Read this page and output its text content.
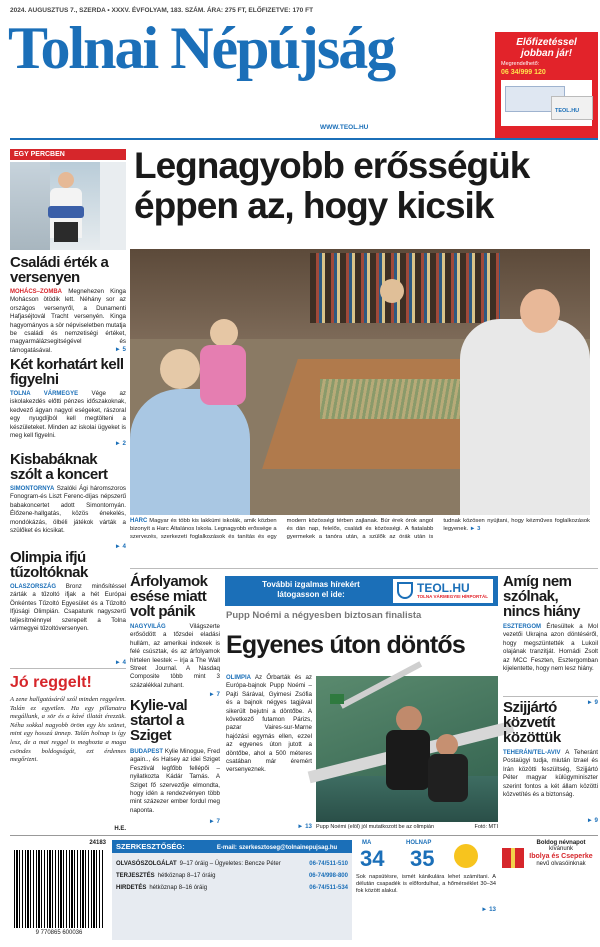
2024. AUGUSZTUS 7., SZERDA • XXXV. ÉVFOLYAM, 183. SZÁM. ÁRA: 275 FT, ELŐFIZETVE: 170 FT
Tolnai Népújság
WWW.TEOL.HU
Előfizetéssel
jobban jár!
Megrendelhető:
06 34/999 120
TEOL.HU
EGY PERCBEN
Családi érték a versenyen
MOHÁCS–ZOMBA Megnehezen Kinga Mohácson ötödik lett. Néhány sor az országos versenyről, a Dunamenti Hafjaséjtovál Tracht versenyén. Kinga hagyományos a sör népviseletben mutatja be családi és nemzetiségi értéket, magyarmálázsegitségével és támogatásával.	► 5
Két korhatárt kell figyelni
TOLNA VÁRMEGYE Vége az iskolakezdés előtti pénzes időszakoknak, kedvező ágyan nagyol eségeket, rászoral egy nyugdíjból kell megtölteni a készületeket. Minden az iskolai ügyeket is meg kell figyelni.
► 2
Kisbabáknak szólt a koncert
SIMONTORNYA Szalóki Ági háromszoros Fonogram-és Liszt Ferenc-díjas népszerű babakoncertet adott Simontornyán. Élőzene-hallgatás, közös énekelés, mondókázás, ölbéli játékok várták a szülőket és kicsikat.
► 4
Olimpia ifjú tűzoltóknak
OLASZORSZÁG Bronz minősítéssel zárták a tűzoltó ifjak a hét Európai Önkéntes Tűzoltó Egyesület és a Tűzoltó Ifjúsági Olimpián. Csapatunk nagyszerű teljesítménnyel szerepelt a Tolna vármegyei tűzoltóversenyen.
► 4
Legnagyobb erősségük éppen az, hogy kicsik
HARC Magyar és több kis lakkúmi iskolák, amik közben bizonyít a Harc Általános Iskola. Legnagyobb erőssége a szervezés, szerkezeti foglalkozások és tanítás és egy modern közösségi térben zajlanak. Búr érek órok angol és dán nap, felelős, családi és közösségi. A fiatalabb gyermekek a tanóra után, a szülők az órák után is tudnak közösen nyújtani, hogy kézműves foglalkozások legyenek. ► 3
Árfolyamok esése miatt volt pánik
NAGYVILÁG	Világszerte erősödött a tőzsdei eladási hullám, az amerikai indexek is felé csúsztak, és az árfolyamok hirtelen leestek – írja a The Wall Street Journal. A Nasdaq Composite több mint 3 százalékkal zuhant.
► 7
További izgalmas hírekért
látogasson el ide:	TEOL.HU
TOLNA VÁRMEGYEI HÍRPORTÁL
Pupp Noémi a négyesben biztosan finalista
Egyenes úton döntős
OLIMPIA Az Őrbarták és az Európa-bajnok Pupp Noémi – Pajti Sárával, Gyimesi Zsófia és a bajnok négyes tagjával sikerült bejutni a döntőbe. A következő futamon Párizs, pazar Vaires-sur-Marne hajózási egymás ellen, ezzel az egyenes úton jutott a döntőbe, ahol a 500 méteres csatában már éremért versenyeznek.
► 13 Pupp Noémi (elöl) jól mutatkozott be az olimpián	Fotó: MTI
Amíg nem szólnak, nincs hiány
ESZTERGOM Értesültek a Mol vezetői Ukrajna azon döntéséről, hogy megszüntették a Lukoil olajának tranzitját. Hornádi Zsolt az MCC Feszten, Esztergomban kijelentette, hogy nem lesz hiány.
► 9
Szijjártó közvetít közöttük
TEHERÁN/TEL-AVIV A Teheránt Postaügyi tudja, miután Izrael és Irán közötti feszültség, Szijjártó Péter magyar külügyminiszter szerint fontos a két állam közötti közvetítés és a biztonság.
► 9
Jó reggelt!
A zene hallgatásáról szól minden reggelem. Talán ez egyetlen. Ha egy pillanatra megállunk, a sör és a kávé illatát érezzük. Néha sokkal nagyobb öröm egy kis szünet, mint egy hosszú ünnep. Talán holnap is így lesz, de a mai reggel is meghozta a maga csöndes boldogságát, ezt érdemes megőrizni.
H.E.
Kylie-val startol a Sziget
BUDAPEST Kylie Minogue, Fred again.., és Halsey az idei Sziget Fesztivál legfőbb fellépői – nyilatkozta Kádár Tamás. A Sziget fő szervezője elmondta, hogy idén a rendezvényen több mint százezer ember fordul meg naponta.
► 7
24183
9 770865 600036
SZERKESZTŐSÉG:	E-mail: szerkesztoseg@tolnainepujsag.hu
OLVASÓSZOLGÁLAT 9–17 óráig – Ügyeletes: Bencze Péter	06-74/511-510
TERJESZTÉS hétköznap 8–17 óráig	06-74/998-800
HIRDETÉS hétköznap 8–16 óráig	06-74/511-534
MA
34
HOLNAP
35
Sok napsütésre, ismét kánikulára lehet számítani. A délután csapadék is előfordulhat, a hőmérséklet 30–34 fok között alakul.
► 13
Boldog névnapot
kívánunk
Ibolya és Cseperke
nevű olvasóinknak
